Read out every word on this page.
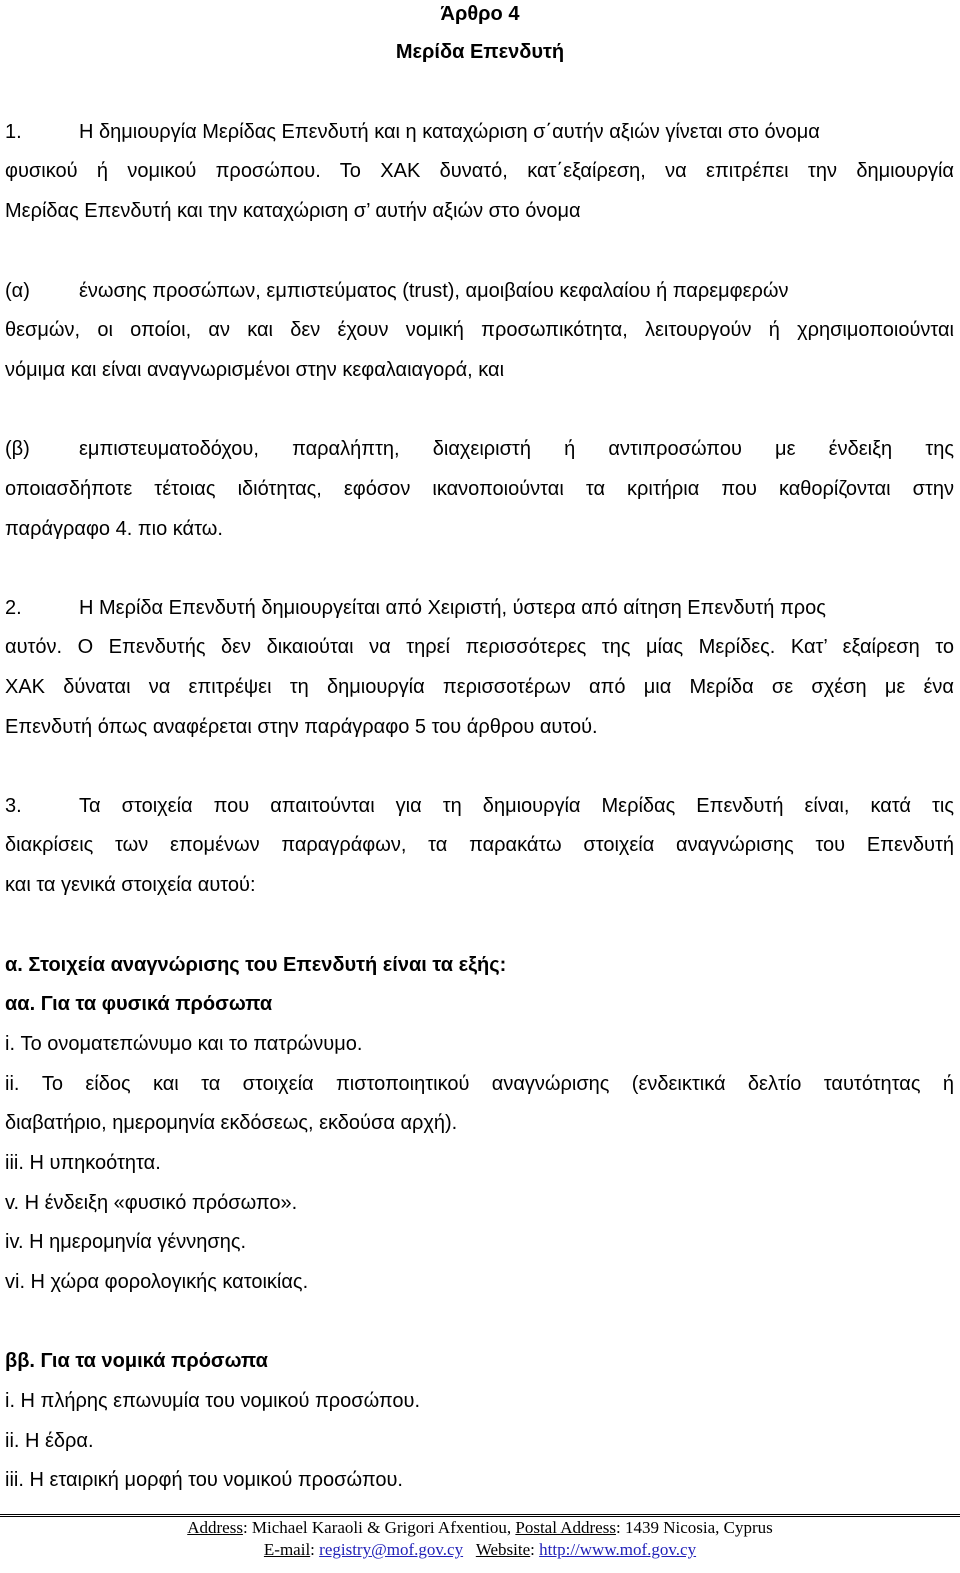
Άρθρο 4
Μερίδα Επενδυτή
1.	Η δημιουργία Μερίδας Επενδυτή και η καταχώριση σ΄αυτήν αξιών γίνεται στο όνομα
φυσικού ή νομικού προσώπου. Το ΧΑΚ δυνατό, κατ΄εξαίρεση, να επιτρέπει την δημιουργία
Μερίδας Επενδυτή και την καταχώριση σ’ αυτήν αξιών στο όνομα
(α) ένωσης προσώπων, εμπιστεύματος (trust), αμοιβαίου κεφαλαίου ή παρεμφερών
θεσμών, οι οποίοι, αν και δεν έχουν νομική προσωπικότητα, λειτουργούν ή χρησιμοποιούνται
νόμιμα και είναι αναγνωρισμένοι στην κεφαλαιαγορά, και
(β) εμπιστευματοδόχου, παραλήπτη, διαχειριστή ή αντιπροσώπου με ένδειξη της
οποιασδήποτε τέτοιας ιδιότητας, εφόσον ικανοποιούνται τα κριτήρια που καθορίζονται στην
παράγραφο 4. πιο κάτω.
2.	Η Μερίδα Επενδυτή δημιουργείται από Χειριστή, ύστερα από αίτηση Επενδυτή προς
αυτόν. Ο Επενδυτής δεν δικαιούται να τηρεί περισσότερες της μίας Μερίδες. Κατ’ εξαίρεση το
ΧΑΚ δύναται να επιτρέψει τη δημιουργία περισσοτέρων από μια Μερίδα σε σχέση με ένα
Επενδυτή όπως αναφέρεται στην παράγραφο 5 του άρθρου αυτού.
3.	Τα στοιχεία που απαιτούνται για τη δημιουργία Μερίδας Επενδυτή είναι, κατά τις
διακρίσεις των επομένων παραγράφων, τα παρακάτω στοιχεία αναγνώρισης του Επενδυτή
και τα γενικά στοιχεία αυτού:
α. Στοιχεία αναγνώρισης του Επενδυτή είναι τα εξής:
αα. Για τα φυσικά πρόσωπα
i. Το ονοματεπώνυμο και το πατρώνυμο.
ii. Το είδος και τα στοιχεία πιστοποιητικού αναγνώρισης (ενδεικτικά δελτίο ταυτότητας ή
διαβατήριο, ημερομηνία εκδόσεως, εκδούσα αρχή).
iii. Η υπηκοότητα.
v. Η ένδειξη «φυσικό πρόσωπο».
iv. Η ημερομηνία γέννησης.
vi. Η χώρα φορολογικής κατοικίας.
ββ. Για τα νομικά πρόσωπα
i. Η πλήρης επωνυμία του νομικού προσώπου.
ii. Η έδρα.
iii. Η εταιρική μορφή του νομικού προσώπου.
Address: Michael Karaoli & Grigori Afxentiou, Postal Address: 1439 Nicosia, Cyprus
E-mail: registry@mof.gov.cy Website: http://www.mof.gov.cy
